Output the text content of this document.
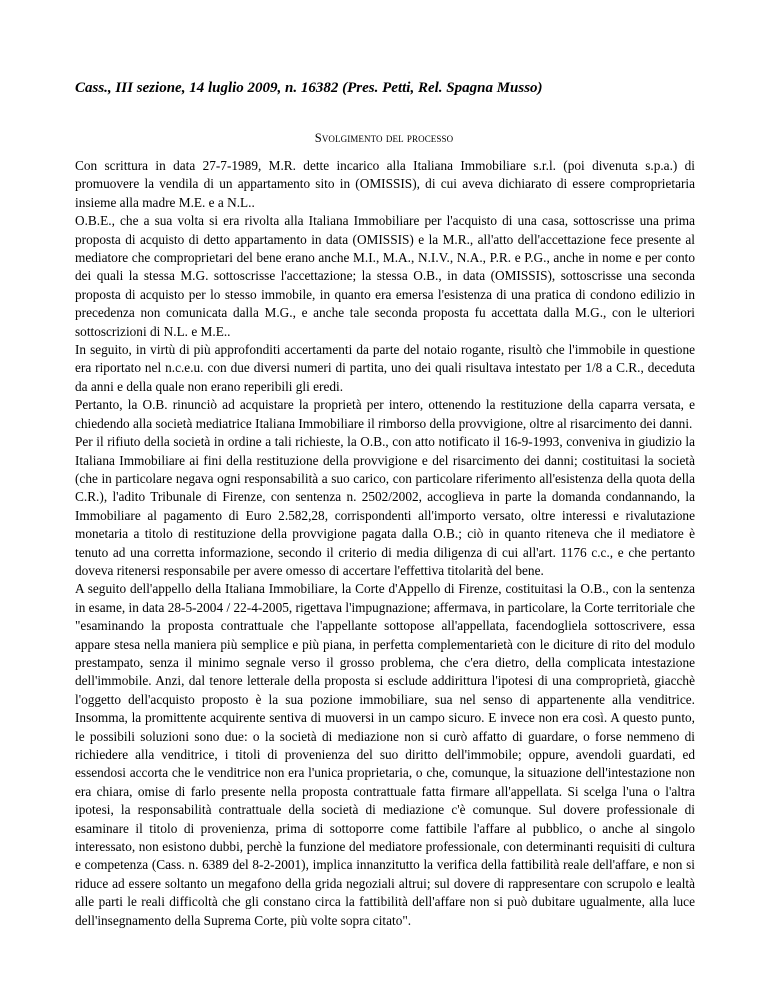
Cass., III sezione, 14 luglio 2009, n. 16382 (Pres. Petti, Rel. Spagna Musso)
Svolgimento del processo

Con scrittura in data 27-7-1989, M.R. dette incarico alla Italiana Immobiliare s.r.l. (poi divenuta s.p.a.) di promuovere la vendila di un appartamento sito in (OMISSIS), di cui aveva dichiarato di essere comproprietaria insieme alla madre M.E. e a N.L..

O.B.E., che a sua volta si era rivolta alla Italiana Immobiliare per l'acquisto di una casa, sottoscrisse una prima proposta di acquisto di detto appartamento in data (OMISSIS) e la M.R., all'atto dell'accettazione fece presente al mediatore che comproprietari del bene erano anche M.I., M.A., N.I.V., N.A., P.R. e P.G., anche in nome e per conto dei quali la stessa M.G. sottoscrisse l'accettazione; la stessa O.B., in data (OMISSIS), sottoscrisse una seconda proposta di acquisto per lo stesso immobile, in quanto era emersa l'esistenza di una pratica di condono edilizio in precedenza non comunicata dalla M.G., e anche tale seconda proposta fu accettata dalla M.G., con le ulteriori sottoscrizioni di N.L. e M.E..

In seguito, in virtù di più approfonditi accertamenti da parte del notaio rogante, risultò che l'immobile in questione era riportato nel n.c.e.u. con due diversi numeri di partita, uno dei quali risultava intestato per 1/8 a C.R., deceduta da anni e della quale non erano reperibili gli eredi.

Pertanto, la O.B. rinunciò ad acquistare la proprietà per intero, ottenendo la restituzione della caparra versata, e chiedendo alla società mediatrice Italiana Immobiliare il rimborso della provvigione, oltre al risarcimento dei danni.

Per il rifiuto della società in ordine a tali richieste, la O.B., con atto notificato il 16-9-1993, conveniva in giudizio la Italiana Immobiliare ai fini della restituzione della provvigione e del risarcimento dei danni; costituitasi la società (che in particolare negava ogni responsabilità a suo carico, con particolare riferimento all'esistenza della quota della C.R.), l'adito Tribunale di Firenze, con sentenza n. 2502/2002, accoglieva in parte la domanda condannando, la Immobiliare al pagamento di Euro 2.582,28, corrispondenti all'importo versato, oltre interessi e rivalutazione monetaria a titolo di restituzione della provvigione pagata dalla O.B.; ciò in quanto riteneva che il mediatore è tenuto ad una corretta informazione, secondo il criterio di media diligenza di cui all'art. 1176 c.c., e che pertanto doveva ritenersi responsabile per avere omesso di accertare l'effettiva titolarità del bene.

A seguito dell'appello della Italiana Immobiliare, la Corte d'Appello di Firenze, costituitasi la O.B., con la sentenza in esame, in data 28-5-2004 / 22-4-2005, rigettava l'impugnazione; affermava, in particolare, la Corte territoriale che "esaminando la proposta contrattuale che l'appellante sottopose all'appellata, facendogliela sottoscrivere, essa appare stesa nella maniera più semplice e più piana, in perfetta complementarietà con le diciture di rito del modulo prestampato, senza il minimo segnale verso il grosso problema, che c'era dietro, della complicata intestazione dell'immobile. Anzi, dal tenore letterale della proposta si esclude addirittura l'ipotesi di una comproprietà, giacchè l'oggetto dell'acquisto proposto è la sua pozione immobiliare, sua nel senso di appartenente alla venditrice. Insomma, la promittente acquirente sentiva di muoversi in un campo sicuro. E invece non era così. A questo punto, le possibili soluzioni sono due: o la società di mediazione non si curò affatto di guardare, o forse nemmeno di richiedere alla venditrice, i titoli di provenienza del suo diritto dell'immobile; oppure, avendoli guardati, ed essendosi accorta che le venditrice non era l'unica proprietaria, o che, comunque, la situazione dell'intestazione non era chiara, omise di farlo presente nella proposta contrattuale fatta firmare all'appellata. Si scelga l'una o l'altra ipotesi, la responsabilità contrattuale della società di mediazione c'è comunque. Sul dovere professionale di esaminare il titolo di provenienza, prima di sottoporre come fattibile l'affare al pubblico, o anche al singolo interessato, non esistono dubbi, perchè la funzione del mediatore professionale, con determinanti requisiti di cultura e competenza (Cass. n. 6389 del 8-2-2001), implica innanzitutto la verifica della fattibilità reale dell'affare, e non si riduce ad essere soltanto un megafono della grida negoziali altrui; sul dovere di rappresentare con scrupolo e lealtà alle parti le reali difficoltà che gli constano circa la fattibilità dell'affare non si può dubitare ugualmente, alla luce dell'insegnamento della Suprema Corte, più volte sopra citato".
